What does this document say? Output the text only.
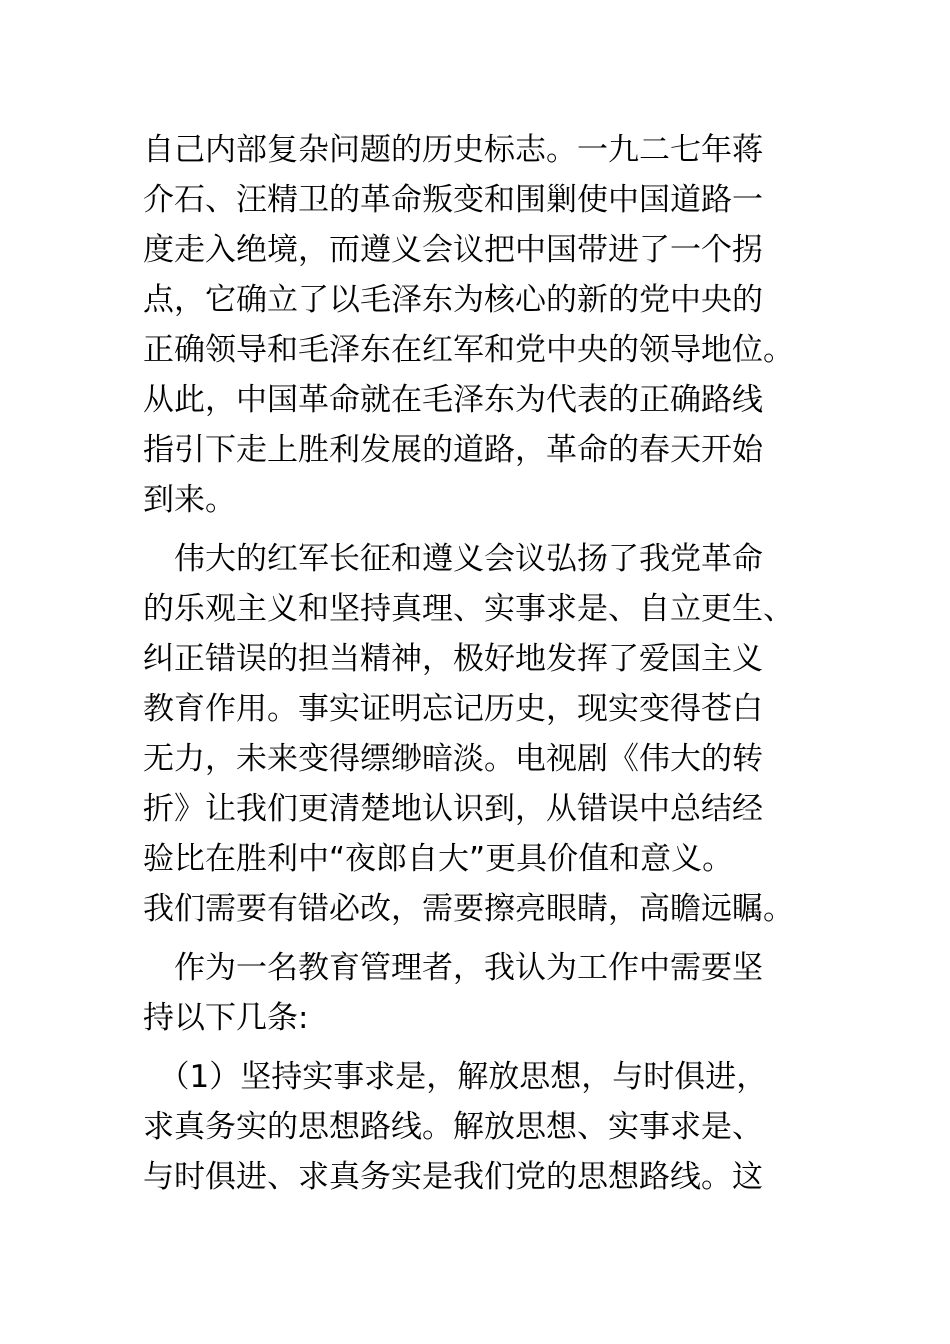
自己内部复杂问题的历史标志。一九二七年蒋
介石、汪精卫的革命叛变和围剿使中国道路一
度走入绝境，而遵义会议把中国带进了一个拐
点，它确立了以毛泽东为核心的新的党中央的
正确领导和毛泽东在红军和党中央的领导地位。
从此，中国革命就在毛泽东为代表的正确路线
指引下走上胜利发展的道路，革命的春天开始
到来。
　伟大的红军长征和遵义会议弘扬了我党革命
的乐观主义和坚持真理、实事求是、自立更生、
纠正错误的担当精神，极好地发挥了爱国主义
教育作用。事实证明忘记历史，现实变得苍白
无力，未来变得缥缈暗淡。电视剧《伟大的转
折》让我们更清楚地认识到，从错误中总结经
验比在胜利中“夜郎自大”更具价值和意义。
我们需要有错必改，需要擦亮眼睛，高瞻远瞩。
　作为一名教育管理者，我认为工作中需要坚
持以下几条:
　（1）坚持实事求是，解放思想，与时俱进，
求真务实的思想路线。解放思想、实事求是、
与时俱进、求真务实是我们党的思想路线。这
